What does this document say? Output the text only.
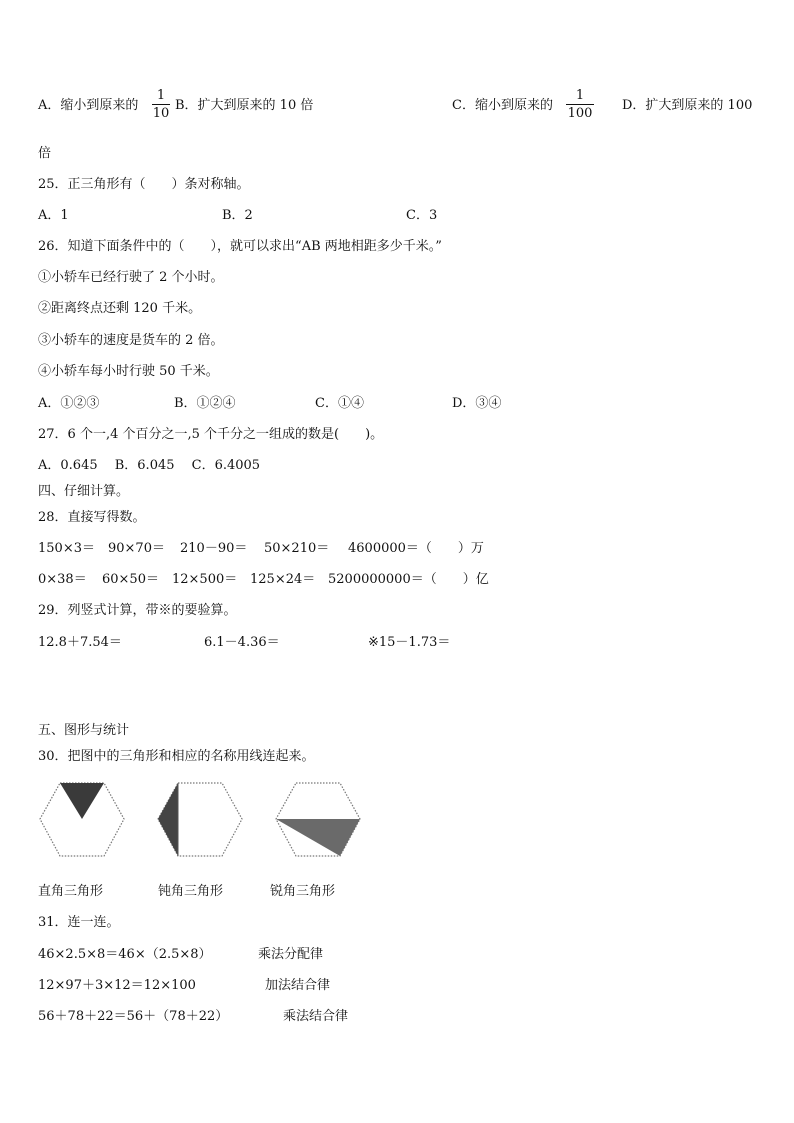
A．缩小到原来的
1
10
B．扩大到原来的 10 倍	C．缩小到原来的
1
100
D．扩大到原来的 100
倍
25．正三角形有（　　）条对称轴。
A．1	B．2	C．3
26．知道下面条件中的（　　），就可以求出“AB 两地相距多少千米。”
①小轿车已经行驶了 2 个小时。
②距离终点还剩 120 千米。
③小轿车的速度是货车的 2 倍。
④小轿车每小时行驶 50 千米。
A．①②③	B．①②④	C．①④	D．③④
27．6 个一,4 个百分之一,5 个千分之一组成的数是(　　)。
A．0.645　 B．6.045　 C．6.4005
四、仔细计算。
28．直接写得数。
150×3＝ 90×70＝ 210－90＝ 50×210＝ 4600000＝（　　）万
0×38＝ 60×50＝ 12×500＝ 125×24＝ 5200000000＝（　　）亿
29．列竖式计算，带※的要验算。
12.8＋7.54＝	6.1－4.36＝	※15－1.73＝
五、图形与统计
30．把图中的三角形和相应的名称用线连起来。
直角三角形	钝角三角形	锐角三角形
31．连一连。
46×2.5×8＝46×（2.5×8）	乘法分配律
12×97＋3×12＝12×100	加法结合律
56＋78＋22＝56＋（78＋22）	乘法结合律
